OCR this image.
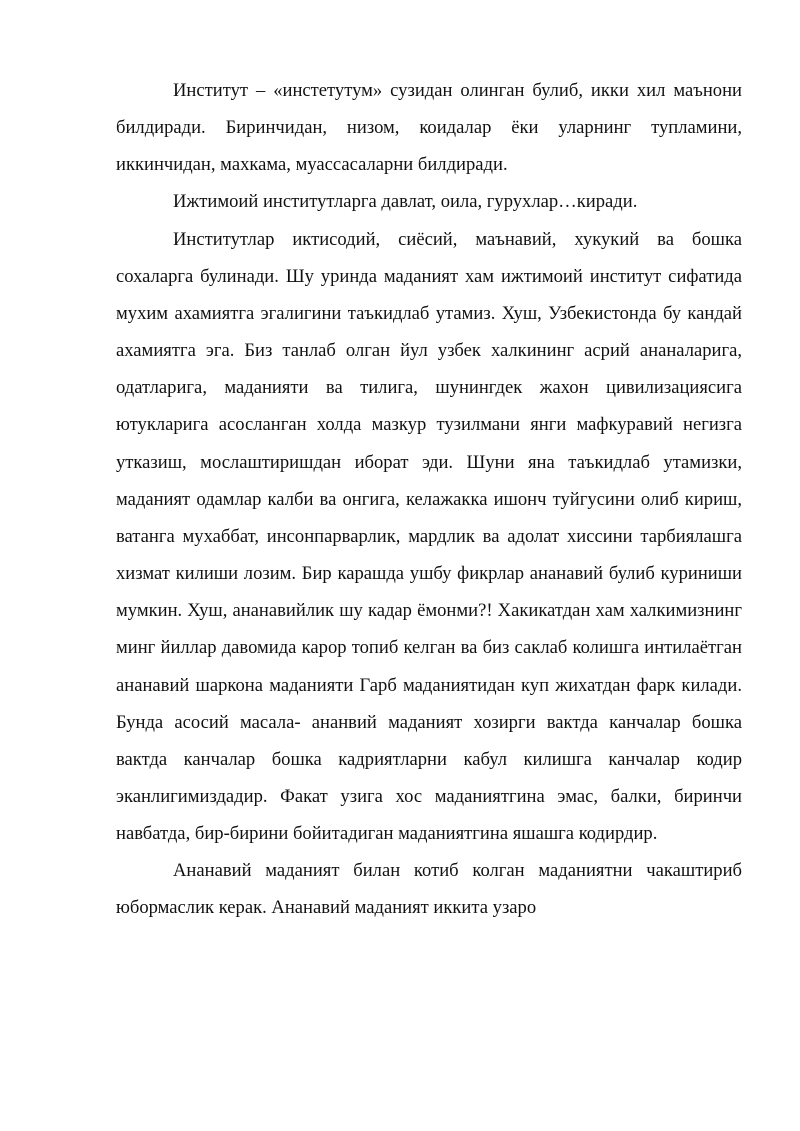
Институт – «инстетутум» сузидан олинган булиб, икки хил маънони билдиради. Биринчидан, низом, коидалар ёки уларнинг тупламини, иккинчидан, махкама, муассасаларни билдиради.

Ижтимоий институтларга давлат, оила, гурухлар…киради.

Институтлар иктисодий, сиёсий, маънавий, хукукий ва бошка сохаларга булинади. Шу уринда маданият хам ижтимоий институт сифатида мухим ахамиятга эгалигини таъкидлаб утамиз. Хуш, Узбекистонда бу кандай ахамиятга эга. Биз танлаб олган йул узбек халкининг асрий ананаларига, одатларига, маданияти ва тилига, шунингдек жахон цивилизациясига ютукларига асосланган холда мазкур тузилмани янги мафкуравий негизга утказиш, мослаштиришдан иборат эди. Шуни яна таъкидлаб утамизки, маданият одамлар калби ва онгига, келажакка ишонч туйгусини олиб кириш, ватанга мухаббат, инсонпарварлик, мардлик ва адолат хиссини тарбиялашга хизмат килиши лозим. Бир карашда ушбу фикрлар ананавий булиб куриниши мумкин. Хуш, ананавийлик шу кадар ёмонми?! Хакикатдан хам халкимизнинг минг йиллар давомида карор топиб келган ва биз саклаб колишга интилаётган ананавий шаркона маданияти Гарб маданиятидан куп жихатдан фарк килади. Бунда асосий масала- ананвий маданият хозирги вактда канчалар бошка вактда канчалар бошка кадриятларни кабул килишга канчалар кодир эканлигимиздадир. Факат узига хос маданиятгина эмас, балки, биринчи навбатда, бир-бирини бойитадиган маданиятгина яшашга кодирдир.

Ананавий маданият билан котиб колган маданиятни чакаштириб юбормаслик керак. Ананавий маданият иккита узаро
